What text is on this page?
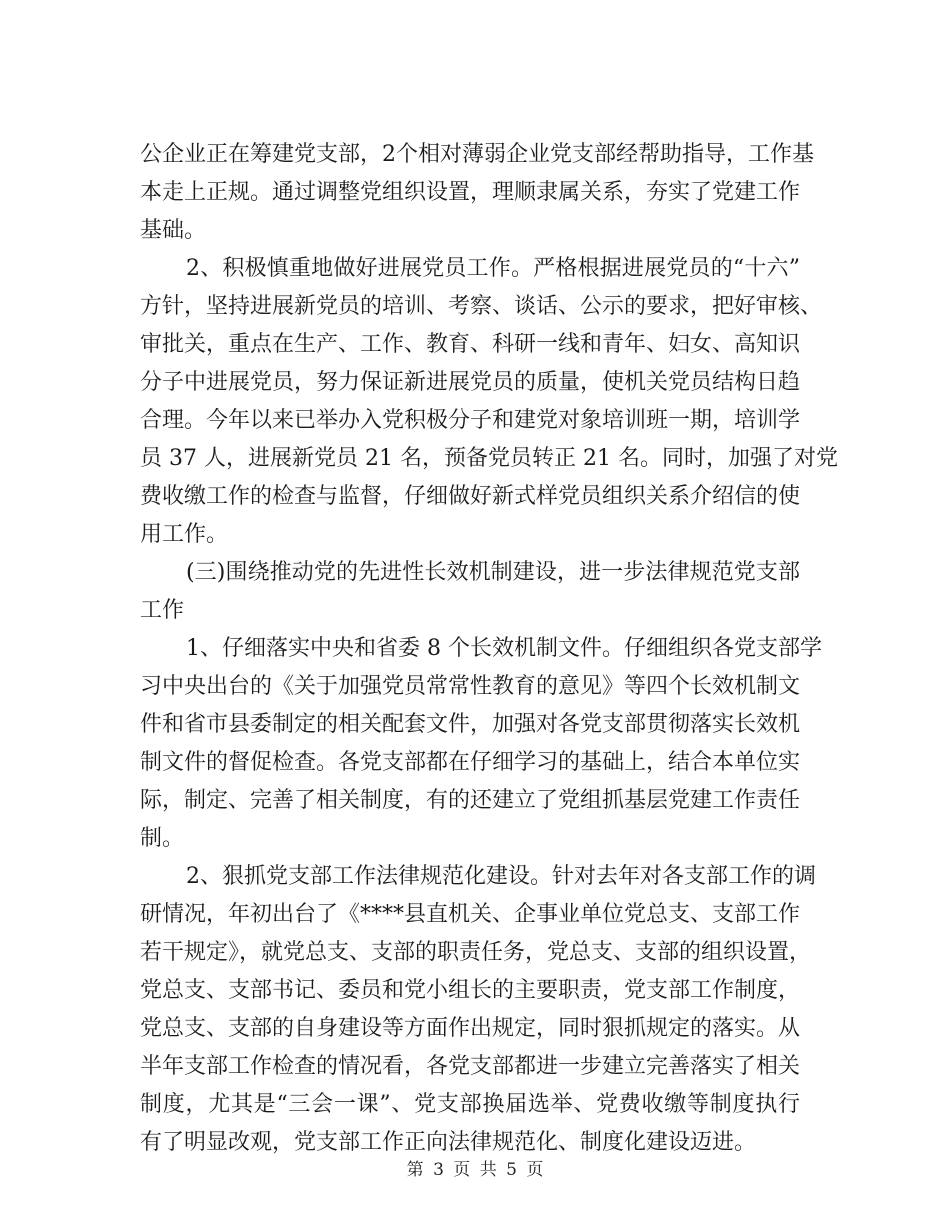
公企业正在筹建党支部，2个相对薄弱企业党支部经帮助指导，工作基

本走上正规。通过调整党组织设置，理顺隶属关系，夯实了党建工作

基础。

2、积极慎重地做好进展党员工作。严格根据进展党员的“十六”

方针，坚持进展新党员的培训、考察、谈话、公示的要求，把好审核、

审批关，重点在生产、工作、教育、科研一线和青年、妇女、高知识

分子中进展党员，努力保证新进展党员的质量，使机关党员结构日趋

合理。今年以来已举办入党积极分子和建党对象培训班一期，培训学

员 37 人，进展新党员 21 名，预备党员转正 21 名。同时，加强了对党

费收缴工作的检查与监督，仔细做好新式样党员组织关系介绍信的使

用工作。

(三)围绕推动党的先进性长效机制建设，进一步法律规范党支部

工作

1、仔细落实中央和省委 8 个长效机制文件。仔细组织各党支部学

习中央出台的《关于加强党员常常性教育的意见》等四个长效机制文

件和省市县委制定的相关配套文件，加强对各党支部贯彻落实长效机

制文件的督促检查。各党支部都在仔细学习的基础上，结合本单位实

际，制定、完善了相关制度，有的还建立了党组抓基层党建工作责任

制。

2、狠抓党支部工作法律规范化建设。针对去年对各支部工作的调

研情况，年初出台了《****县直机关、企事业单位党总支、支部工作

若干规定》，就党总支、支部的职责任务，党总支、支部的组织设置，

党总支、支部书记、委员和党小组长的主要职责，党支部工作制度，

党总支、支部的自身建设等方面作出规定，同时狠抓规定的落实。从

半年支部工作检查的情况看，各党支部都进一步建立完善落实了相关

制度，尤其是“三会一课”、党支部换届选举、党费收缴等制度执行

有了明显改观，党支部工作正向法律规范化、制度化建设迈进。

第 3 页 共 5 页
